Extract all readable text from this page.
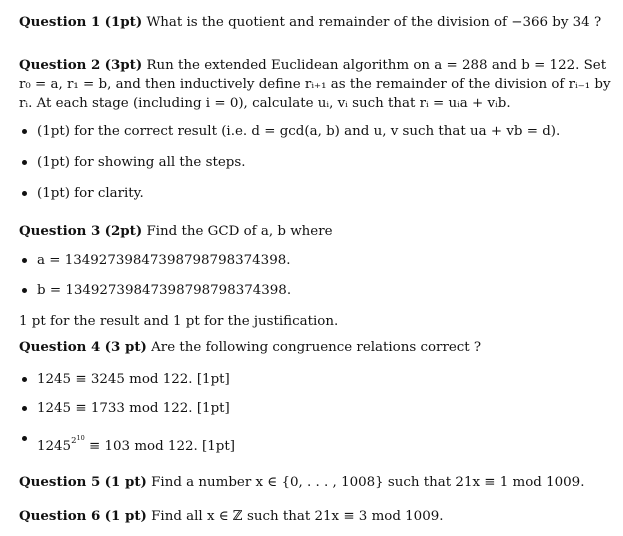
Question 1 (1pt) What is the quotient and remainder of the division of −366 by 34 ?
Question 2 (3pt) Run the extended Euclidean algorithm on a = 288 and b = 122. Set
r₀ = a, r₁ = b, and then inductively define rᵢ₊₁ as the remainder of the division of rᵢ₋₁ by
rᵢ. At each stage (including i = 0), calculate uᵢ, vᵢ such that rᵢ = uᵢa + vᵢb.
(1pt) for the correct result (i.e. d = gcd(a, b) and u, v such that ua + vb = d).
(1pt) for showing all the steps.
(1pt) for clarity.
Question 3 (2pt) Find the GCD of a, b where
a = 13492739847398798798374398.
b = 13492739847398798798374398.
1 pt for the result and 1 pt for the justification.
Question 4 (3 pt) Are the following congruence relations correct ?
1245 ≡ 3245 mod 122. [1pt]
1245 ≡ 1733 mod 122. [1pt]
$1245^{2^{10}} \equiv 103$ mod 122. [1pt]
Question 5 (1 pt) Find a number x ∈ {0, . . . , 1008} such that 21x ≡ 1 mod 1009.
Question 6 (1 pt) Find all x ∈ ℤ such that 21x ≡ 3 mod 1009.
